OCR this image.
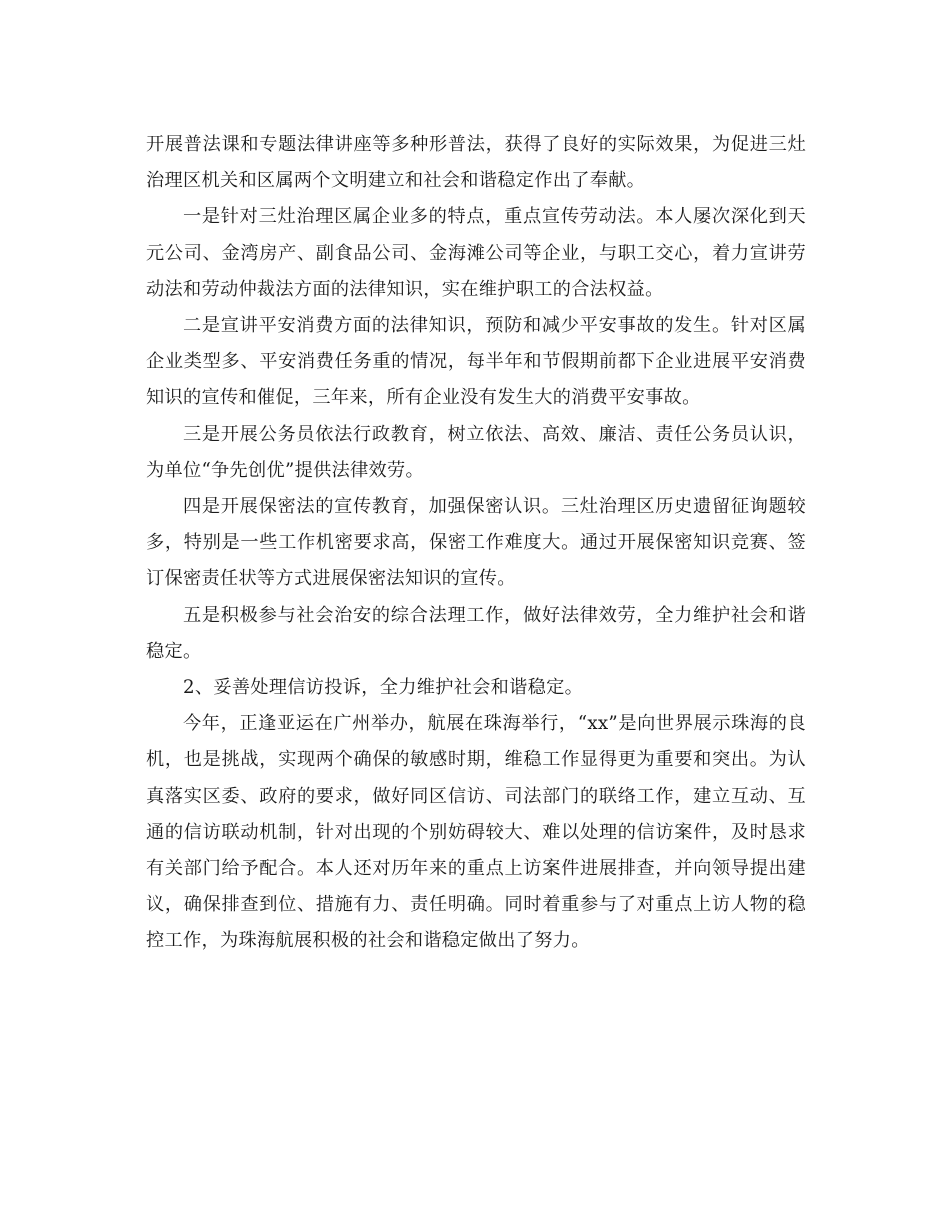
开展普法课和专题法律讲座等多种形普法，获得了良好的实际效果，为促进三灶治理区机关和区属两个文明建立和社会和谐稳定作出了奉献。

一是针对三灶治理区属企业多的特点，重点宣传劳动法。本人屡次深化到天元公司、金湾房产、副食品公司、金海滩公司等企业，与职工交心，着力宣讲劳动法和劳动仲裁法方面的法律知识，实在维护职工的合法权益。

二是宣讲平安消费方面的法律知识，预防和减少平安事故的发生。针对区属企业类型多、平安消费任务重的情况，每半年和节假期前都下企业进展平安消费知识的宣传和催促，三年来，所有企业没有发生大的消费平安事故。

三是开展公务员依法行政教育，树立依法、高效、廉洁、责任公务员认识，为单位“争先创优”提供法律效劳。

四是开展保密法的宣传教育，加强保密认识。三灶治理区历史遗留征询题较多，特别是一些工作机密要求高，保密工作难度大。通过开展保密知识竞赛、签订保密责任状等方式进展保密法知识的宣传。

五是积极参与社会治安的综合法理工作，做好法律效劳，全力维护社会和谐稳定。

2、妥善处理信访投诉，全力维护社会和谐稳定。

今年，正逢亚运在广州举办，航展在珠海举行，“xx”是向世界展示珠海的良机，也是挑战，实现两个确保的敏感时期，维稳工作显得更为重要和突出。为认真落实区委、政府的要求，做好同区信访、司法部门的联络工作，建立互动、互通的信访联动机制，针对出现的个别妨碍较大、难以处理的信访案件，及时恳求有关部门给予配合。本人还对历年来的重点上访案件进展排查，并向领导提出建议，确保排查到位、措施有力、责任明确。同时着重参与了对重点上访人物的稳控工作，为珠海航展积极的社会和谐稳定做出了努力。
